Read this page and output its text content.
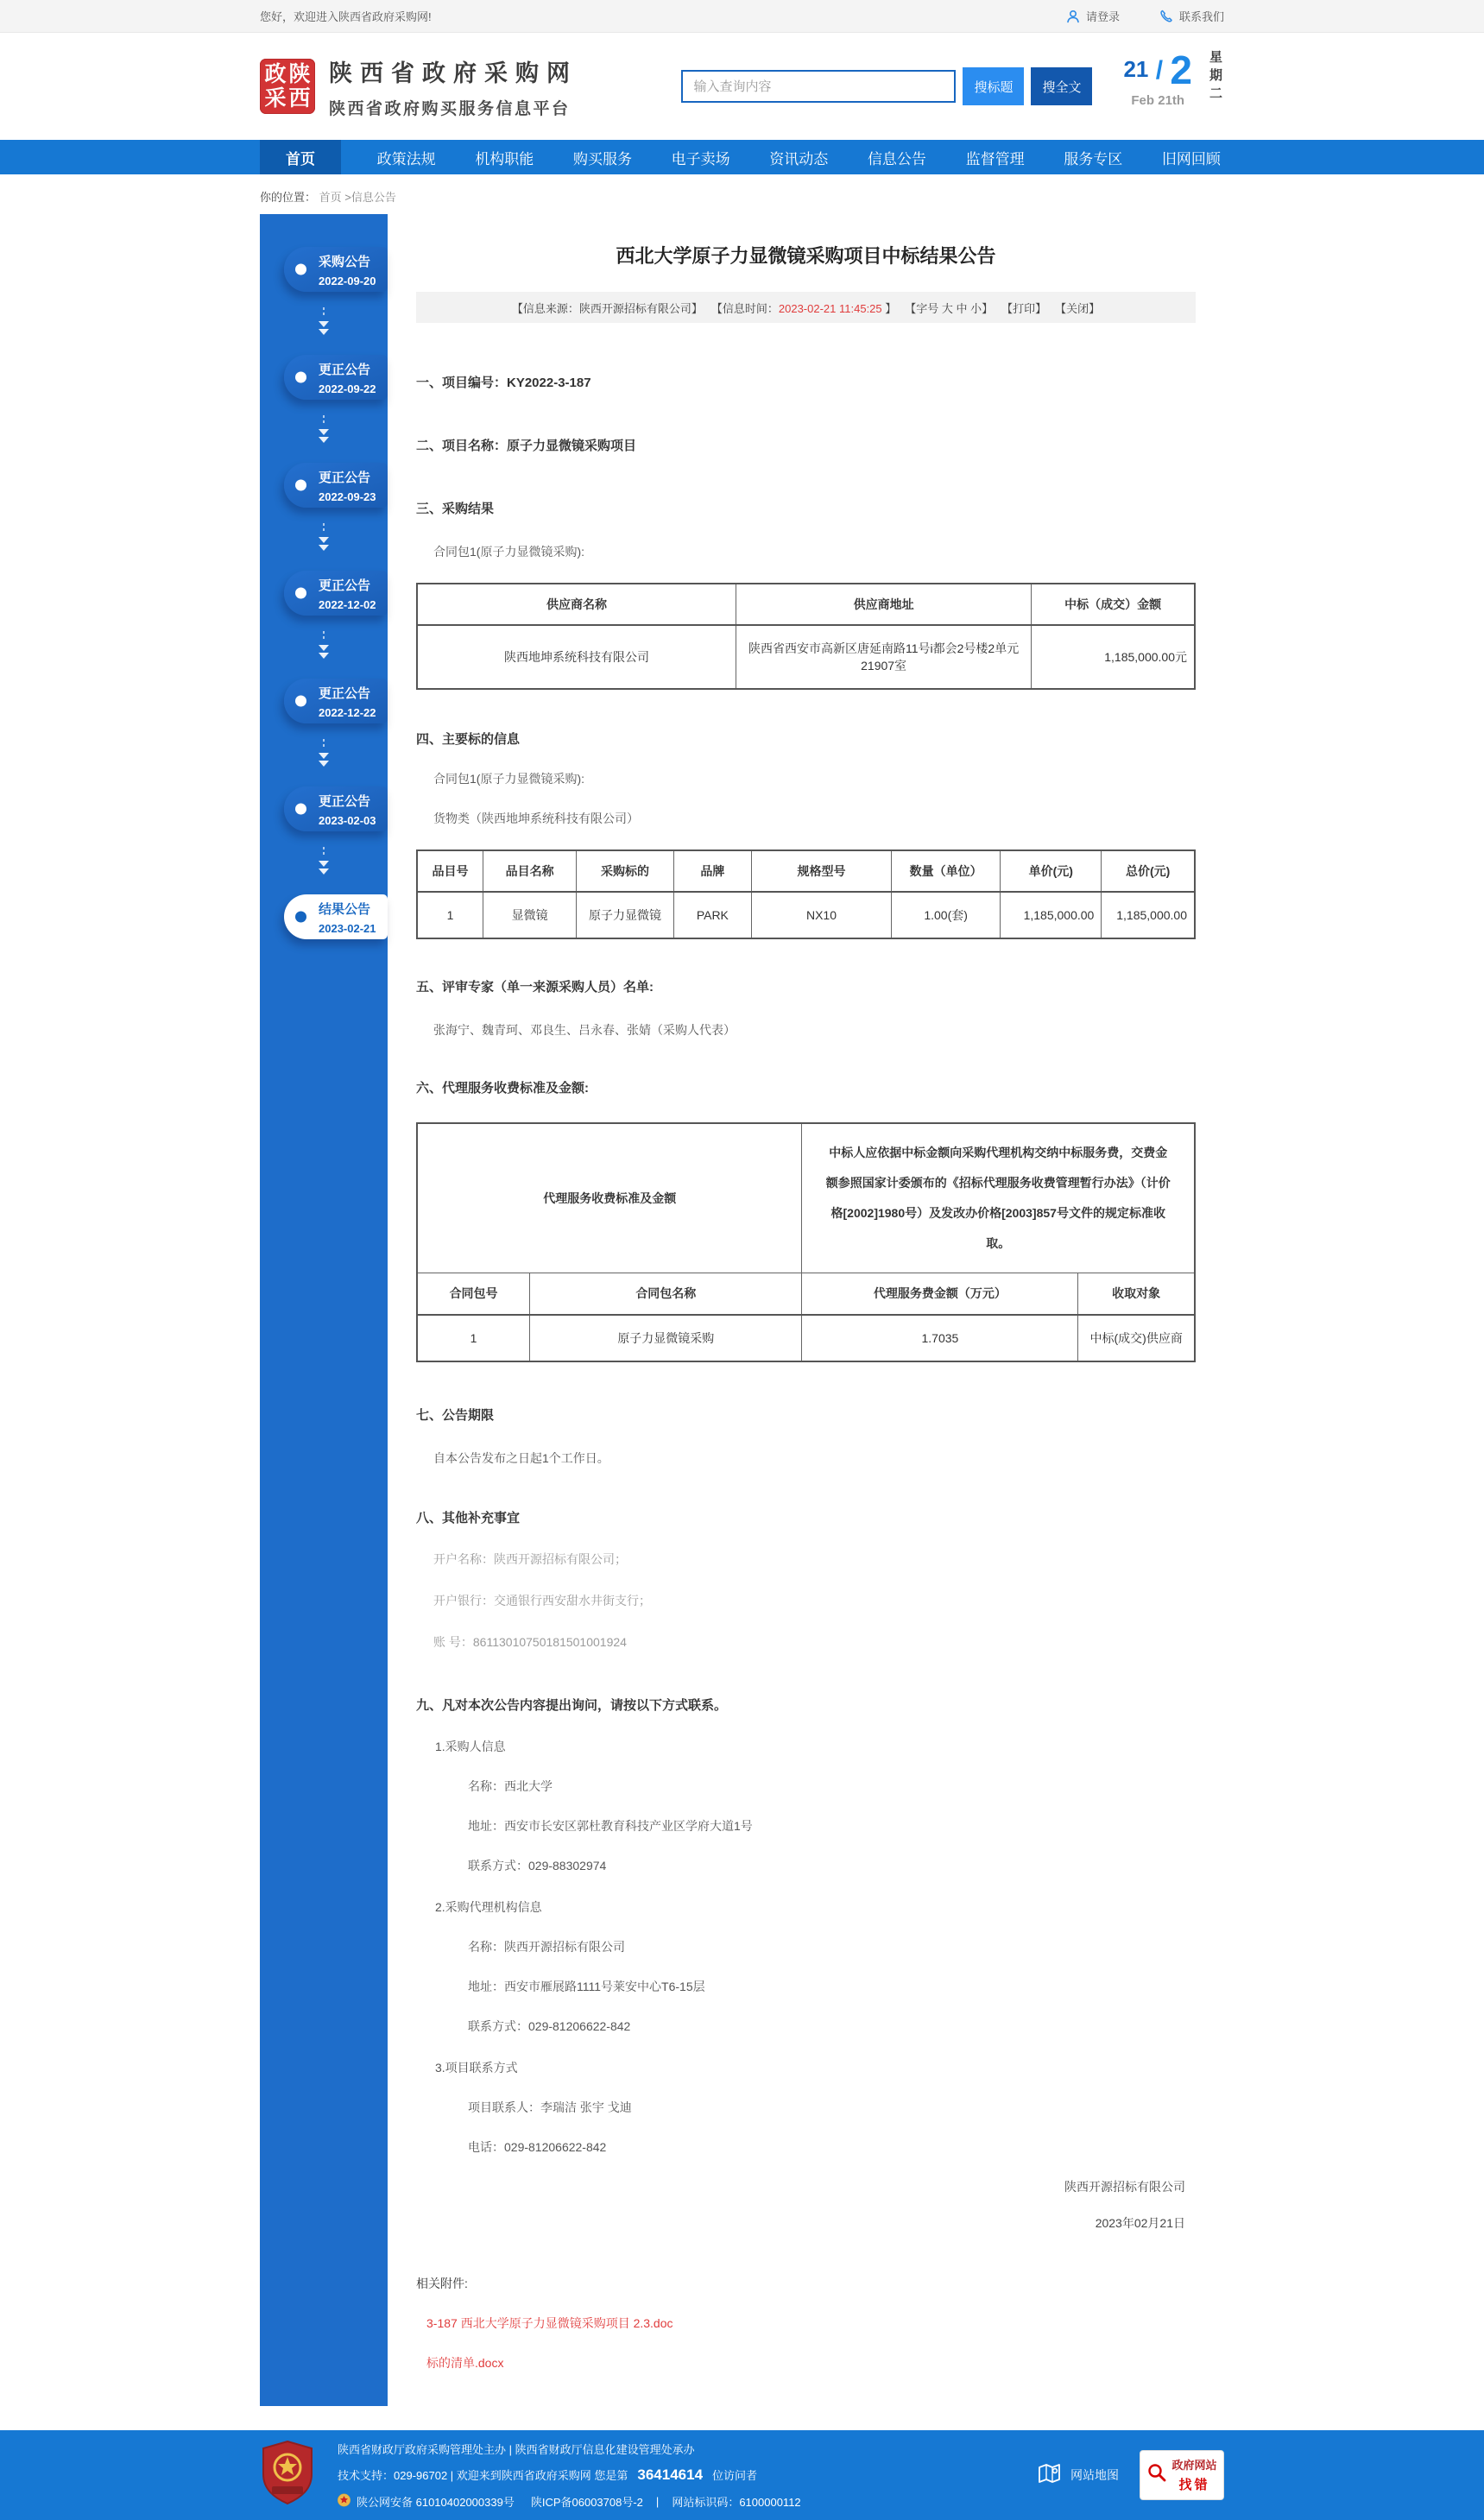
您好，欢迎进入陕西省政府采购网!	请登录	联系我们
政 陕
采 西
陕西省政府采购网
陕西省政府购买服务信息平台
输入查询内容
搜标题	搜全文
21 / 2
Feb 21th	星期二
首页	政策法规	机构职能	购买服务	电子卖场	资讯动态	信息公告	监督管理	服务专区	旧网回顾
你的位置： 首页 >信息公告
采购公告
2022-09-20
更正公告
2022-09-22
更正公告
2022-09-23
更正公告
2022-12-02
更正公告
2022-12-22
更正公告
2023-02-03
结果公告
2023-02-21
西北大学原子力显微镜采购项目中标结果公告
【信息来源：陕西开源招标有限公司】 【信息时间：2023-02-21 11:45:25 】 【字号 大 中 小】 【打印】 【关闭】
一、项目编号：KY2022-3-187
二、项目名称：原子力显微镜采购项目
三、采购结果
合同包1(原子力显微镜采购):
供应商名称	供应商地址	中标（成交）金额
陕西地坤系统科技有限公司	陕西省西安市高新区唐延南路11号i都会2号楼2单元21907室	1,185,000.00元
四、主要标的信息
合同包1(原子力显微镜采购):
货物类（陕西地坤系统科技有限公司）
品目号	品目名称	采购标的	品牌	规格型号	数量（单位）	单价(元)	总价(元)
1	显微镜	原子力显微镜	PARK	NX10	1.00(套)	1,185,000.00	1,185,000.00
五、评审专家（单一来源采购人员）名单:
张海宁、魏青珂、邓良生、吕永春、张婧（采购人代表）
六、代理服务收费标准及金额:
代理服务收费标准及金额		中标人应依据中标金额向采购代理机构交纳中标服务费，交费金额参照国家计委颁布的《招标代理服务收费管理暂行办法》（计价格[2002]1980号）及发改办价格[2003]857号文件的规定标准收取。	
合同包号	合同包名称	代理服务费金额（万元）	收取对象
1	原子力显微镜采购	1.7035	中标(成交)供应商
七、公告期限
自本公告发布之日起1个工作日。
八、其他补充事宜
开户名称：陕西开源招标有限公司；
开户银行：交通银行西安甜水井街支行；
账 号：86113010750181501001924
九、凡对本次公告内容提出询问，请按以下方式联系。
1.采购人信息
名称：西北大学
地址：西安市长安区郭杜教育科技产业区学府大道1号
联系方式：029-88302974
2.采购代理机构信息
名称：陕西开源招标有限公司
地址：西安市雁展路1111号莱安中心T6-15层
联系方式：029-81206622-842
3.项目联系方式
项目联系人：李瑞洁 张宇 戈迪
电话：029-81206622-842
陕西开源招标有限公司
2023年02月21日
相关附件:
3-187 西北大学原子力显微镜采购项目 2.3.doc
标的清单.docx
陕西省财政厅政府采购管理处主办 | 陕西省财政厅信息化建设管理处承办
技术支持：029-96702 | 欢迎来到陕西省政府采购网 您是第 36414614 位访问者
陕公网安备 61010402000339号 陕ICP备06003708号-2 | 网站标识码：6100000112
网站地图
政府网站
找错
